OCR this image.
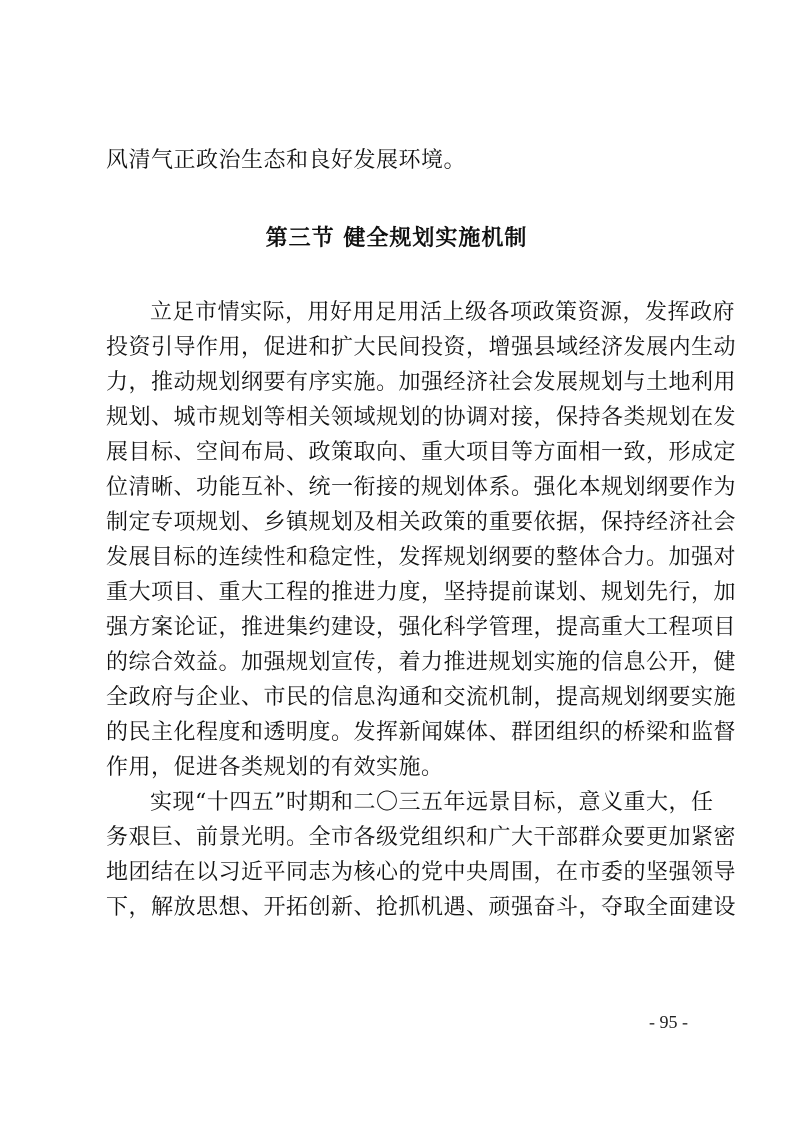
风清气正政治生态和良好发展环境。
第三节 健全规划实施机制
立足市情实际，用好用足用活上级各项政策资源，发挥政府
投资引导作用，促进和扩大民间投资，增强县域经济发展内生动
力，推动规划纲要有序实施。加强经济社会发展规划与土地利用
规划、城市规划等相关领域规划的协调对接，保持各类规划在发
展目标、空间布局、政策取向、重大项目等方面相一致，形成定
位清晰、功能互补、统一衔接的规划体系。强化本规划纲要作为
制定专项规划、乡镇规划及相关政策的重要依据，保持经济社会
发展目标的连续性和稳定性，发挥规划纲要的整体合力。加强对
重大项目、重大工程的推进力度，坚持提前谋划、规划先行，加
强方案论证，推进集约建设，强化科学管理，提高重大工程项目
的综合效益。加强规划宣传，着力推进规划实施的信息公开，健
全政府与企业、市民的信息沟通和交流机制，提高规划纲要实施
的民主化程度和透明度。发挥新闻媒体、群团组织的桥梁和监督
作用，促进各类规划的有效实施。
实现“十四五”时期和二〇三五年远景目标，意义重大，任
务艰巨、前景光明。全市各级党组织和广大干部群众要更加紧密
地团结在以习近平同志为核心的党中央周围，在市委的坚强领导
下，解放思想、开拓创新、抢抓机遇、顽强奋斗，夺取全面建设
- 95 -
